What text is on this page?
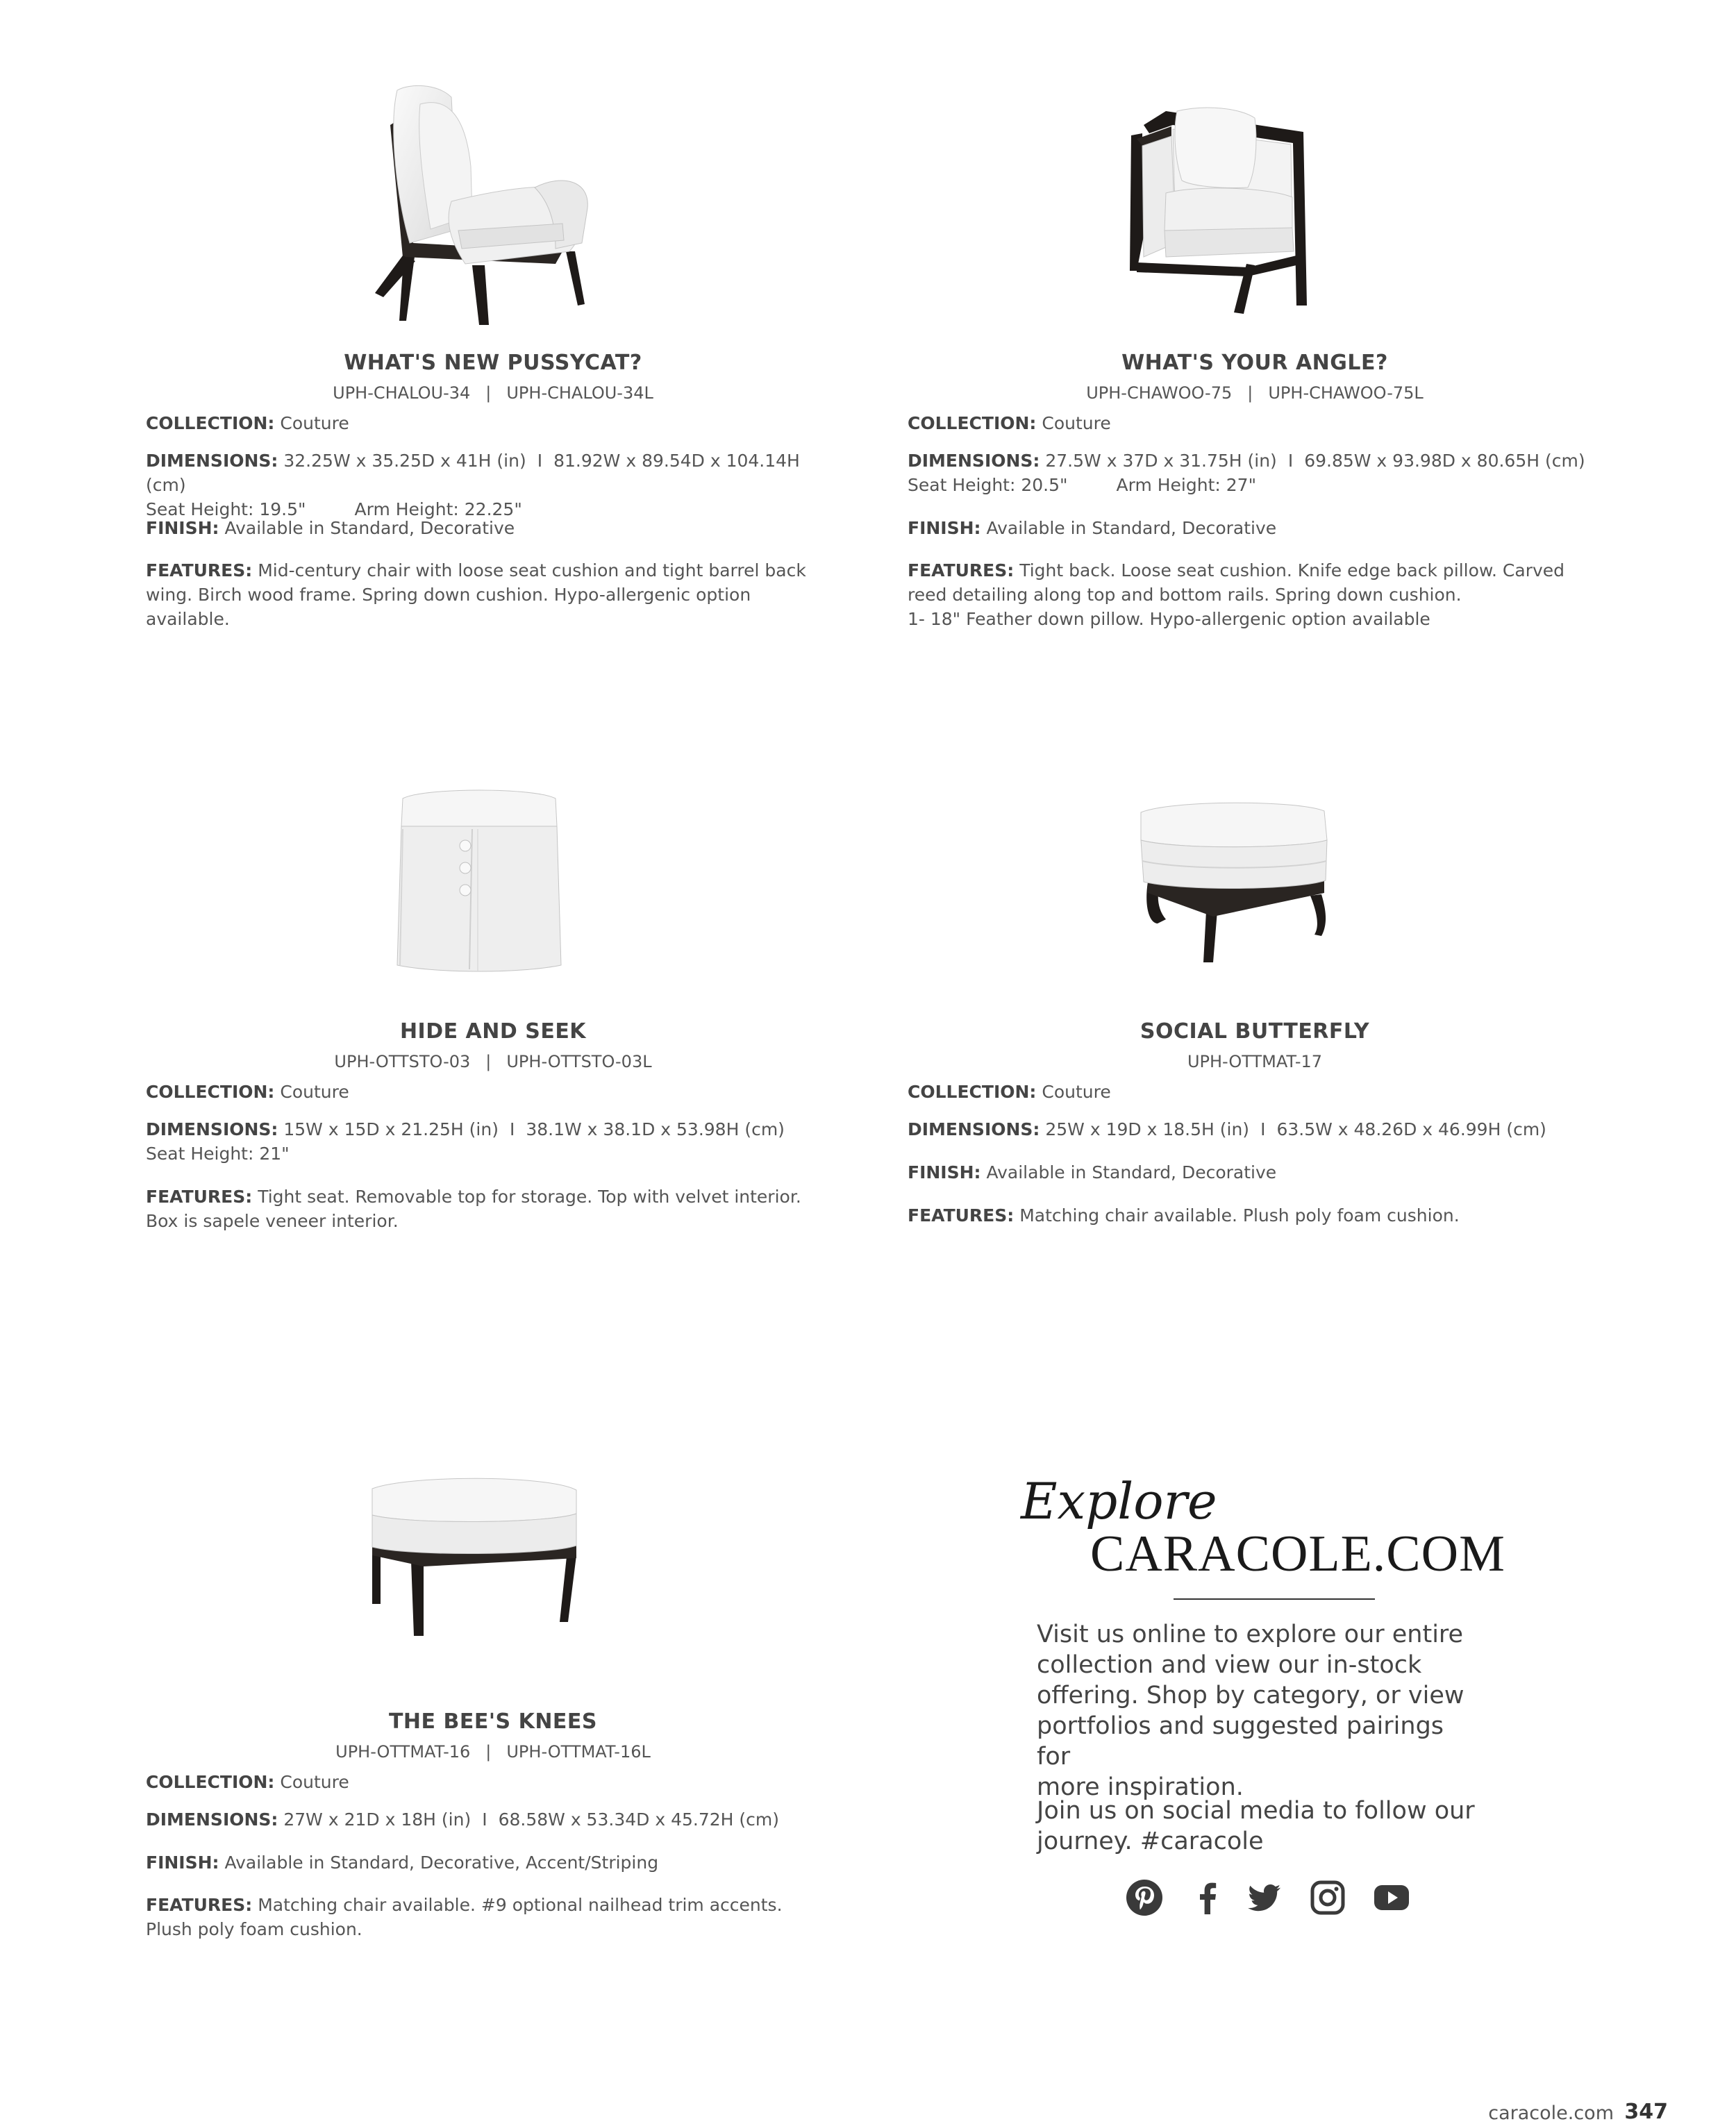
WHAT'S NEW PUSSYCAT?
UPH-CHALOU-34 | UPH-CHALOU-34L
COLLECTION: Couture
DIMENSIONS: 32.25W x 35.25D x 41H (in) I 81.92W x 89.54D x 104.14H (cm)
Seat Height: 19.5"	Arm Height: 22.25"
FINISH: Available in Standard, Decorative
FEATURES: Mid-century chair with loose seat cushion and tight barrel back
wing. Birch wood frame. Spring down cushion. Hypo-allergenic option
available.
WHAT'S YOUR ANGLE?
UPH-CHAWOO-75 | UPH-CHAWOO-75L
COLLECTION: Couture
DIMENSIONS: 27.5W x 37D x 31.75H (in) I 69.85W x 93.98D x 80.65H (cm)
Seat Height: 20.5"	Arm Height: 27"
FINISH: Available in Standard, Decorative
FEATURES: Tight back. Loose seat cushion. Knife edge back pillow. Carved
reed detailing along top and bottom rails. Spring down cushion.
1- 18" Feather down pillow. Hypo-allergenic option available
HIDE AND SEEK
UPH-OTTSTO-03 | UPH-OTTSTO-03L
COLLECTION: Couture
DIMENSIONS: 15W x 15D x 21.25H (in) I 38.1W x 38.1D x 53.98H (cm)
Seat Height: 21"
FEATURES: Tight seat. Removable top for storage. Top with velvet interior.
Box is sapele veneer interior.
SOCIAL BUTTERFLY
UPH-OTTMAT-17
COLLECTION: Couture
DIMENSIONS: 25W x 19D x 18.5H (in) I 63.5W x 48.26D x 46.99H (cm)
FINISH: Available in Standard, Decorative
FEATURES: Matching chair available. Plush poly foam cushion.
THE BEE'S KNEES
UPH-OTTMAT-16 | UPH-OTTMAT-16L
COLLECTION: Couture
DIMENSIONS: 27W x 21D x 18H (in) I 68.58W x 53.34D x 45.72H (cm)
FINISH: Available in Standard, Decorative, Accent/Striping
FEATURES: Matching chair available. #9 optional nailhead trim accents.
Plush poly foam cushion.
Explore
CARACOLE.COM
Visit us online to explore our entire
collection and view our in-stock
offering. Shop by category, or view
portfolios and suggested pairings for
more inspiration.
Join us on social media to follow our
journey. #caracole
caracole.com 347
